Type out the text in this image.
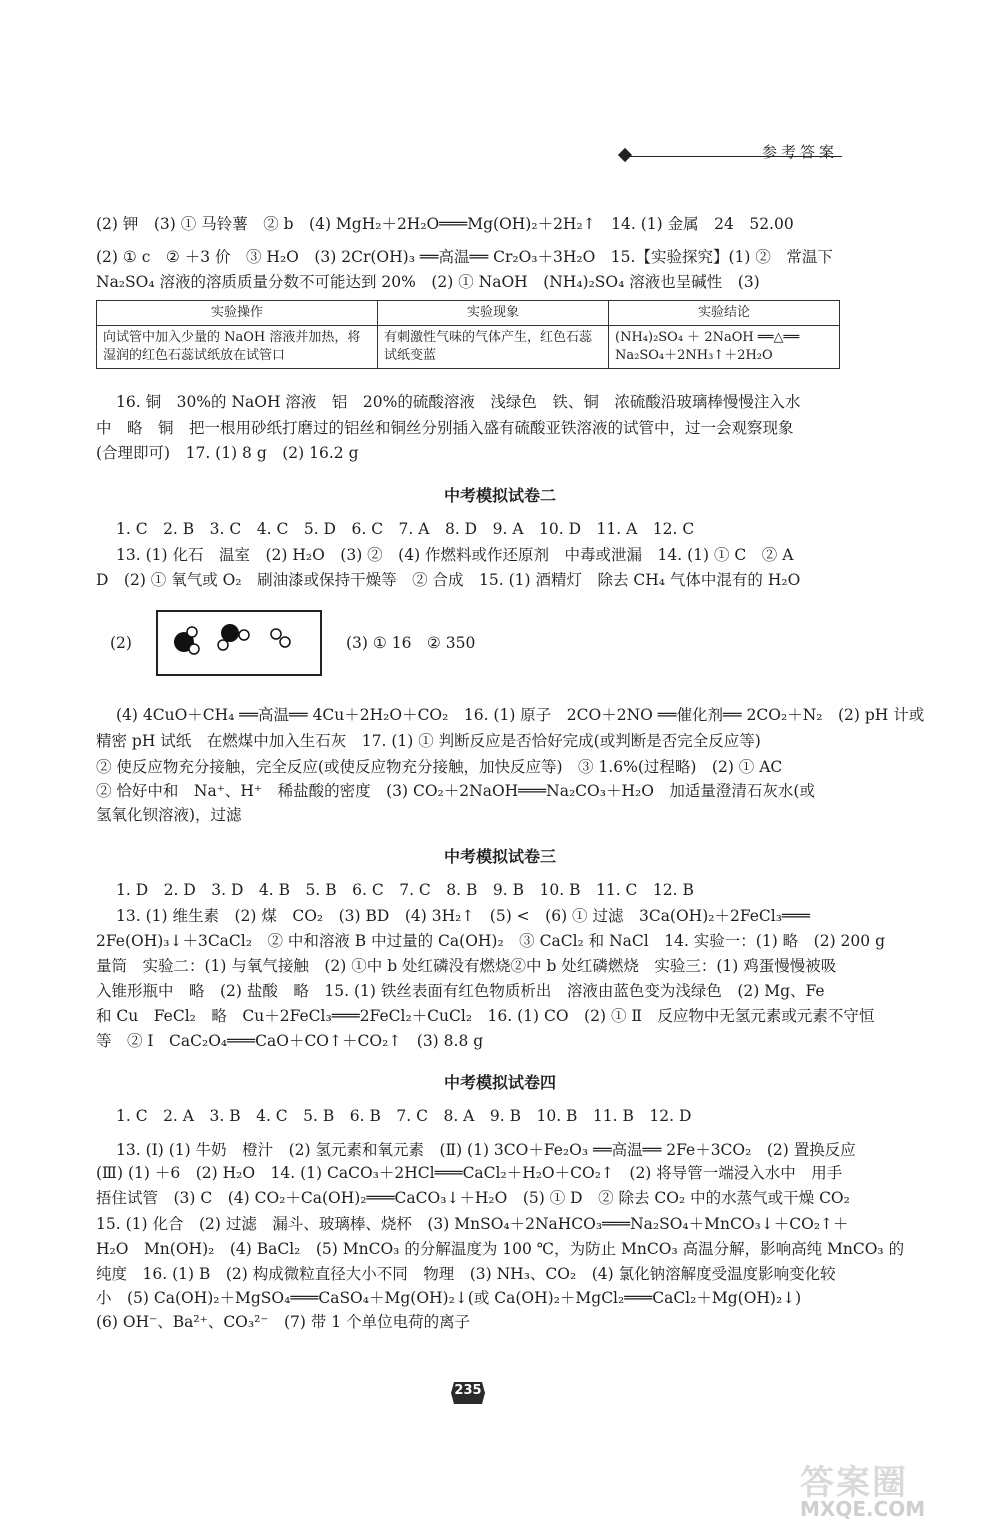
参考答案
(2) 钾　(3) ① 马铃薯　② b　(4) MgH₂＋2H₂O═══Mg(OH)₂＋2H₂↑　14. (1) 金属　24　52.00
(2) ① c　② ＋3 价　③ H₂O　(3) 2Cr(OH)₃ ══高温══ Cr₂O₃＋3H₂O　15.【实验探究】(1) ②　常温下
Na₂SO₄ 溶液的溶质质量分数不可能达到 20%　(2) ① NaOH　(NH₄)₂SO₄ 溶液也呈碱性　(3)
实验操作	实验现象	实验结论
向试管中加入少量的 NaOH 溶液并加热，将湿润的红色石蕊试纸放在试管口	有刺激性气味的气体产生，红色石蕊试纸变蓝	(NH₄)₂SO₄ ＋ 2NaOH ══△══ Na₂SO₄＋2NH₃↑＋2H₂O
16. 铜　30%的 NaOH 溶液　铝　20%的硫酸溶液　浅绿色　铁、铜　浓硫酸沿玻璃棒慢慢注入水
中　略　铜　把一根用砂纸打磨过的铝丝和铜丝分别插入盛有硫酸亚铁溶液的试管中，过一会观察现象
(合理即可)　17. (1) 8 g　(2) 16.2 g
中考模拟试卷二
1. C　2. B　3. C　4. C　5. D　6. C　7. A　8. D　9. A　10. D　11. A　12. C
13. (1) 化石　温室　(2) H₂O　(3) ②　(4) 作燃料或作还原剂　中毒或泄漏　14. (1) ① C　② A
D　(2) ① 氧气或 O₂　刷油漆或保持干燥等　② 合成　15. (1) 酒精灯　除去 CH₄ 气体中混有的 H₂O
(2)	(3) ① 16　② 350
(4) 4CuO＋CH₄ ══高温══ 4Cu＋2H₂O＋CO₂　16. (1) 原子　2CO＋2NO ══催化剂══ 2CO₂＋N₂　(2) pH 计或
精密 pH 试纸　在燃煤中加入生石灰　17. (1) ① 判断反应是否恰好完成(或判断是否完全反应等)
② 使反应物充分接触，完全反应(或使反应物充分接触，加快反应等)　③ 1.6%(过程略)　(2) ① AC
② 恰好中和　Na⁺、H⁺　稀盐酸的密度　(3) CO₂＋2NaOH═══Na₂CO₃＋H₂O　加适量澄清石灰水(或
氢氧化钡溶液)，过滤
中考模拟试卷三
1. D　2. D　3. D　4. B　5. B　6. C　7. C　8. B　9. B　10. B　11. C　12. B
13. (1) 维生素　(2) 煤　CO₂　(3) BD　(4) 3H₂↑　(5) <　(6) ① 过滤　3Ca(OH)₂＋2FeCl₃═══
2Fe(OH)₃↓＋3CaCl₂　② 中和溶液 B 中过量的 Ca(OH)₂　③ CaCl₂ 和 NaCl　14. 实验一：(1) 略　(2) 200 g
量筒　实验二：(1) 与氧气接触　(2) ①中 b 处红磷没有燃烧②中 b 处红磷燃烧　实验三：(1) 鸡蛋慢慢被吸
入锥形瓶中　略　(2) 盐酸　略　15. (1) 铁丝表面有红色物质析出　溶液由蓝色变为浅绿色　(2) Mg、Fe
和 Cu　FeCl₂　略　Cu＋2FeCl₃═══2FeCl₂＋CuCl₂　16. (1) CO　(2) ① Ⅱ　反应物中无氢元素或元素不守恒
等　② Ⅰ　CaC₂O₄═══CaO＋CO↑＋CO₂↑　(3) 8.8 g
中考模拟试卷四
1. C　2. A　3. B　4. C　5. B　6. B　7. C　8. A　9. B　10. B　11. B　12. D
13. (Ⅰ) (1) 牛奶　橙汁　(2) 氢元素和氧元素　(Ⅱ) (1) 3CO＋Fe₂O₃ ══高温══ 2Fe＋3CO₂　(2) 置换反应
(Ⅲ) (1) ＋6　(2) H₂O　14. (1) CaCO₃＋2HCl═══CaCl₂＋H₂O＋CO₂↑　(2) 将导管一端浸入水中　用手
捂住试管　(3) C　(4) CO₂＋Ca(OH)₂═══CaCO₃↓＋H₂O　(5) ① D　② 除去 CO₂ 中的水蒸气或干燥 CO₂
15. (1) 化合　(2) 过滤　漏斗、玻璃棒、烧杯　(3) MnSO₄＋2NaHCO₃═══Na₂SO₄＋MnCO₃↓＋CO₂↑＋
H₂O　Mn(OH)₂　(4) BaCl₂　(5) MnCO₃ 的分解温度为 100 ℃，为防止 MnCO₃ 高温分解，影响高纯 MnCO₃ 的
纯度　16. (1) B　(2) 构成微粒直径大小不同　物理　(3) NH₃、CO₂　(4) 氯化钠溶解度受温度影响变化较
小　(5) Ca(OH)₂＋MgSO₄═══CaSO₄＋Mg(OH)₂↓(或 Ca(OH)₂＋MgCl₂═══CaCl₂＋Mg(OH)₂↓)
(6) OH⁻、Ba²⁺、CO₃²⁻　(7) 带 1 个单位电荷的离子
235
答案圈
MXQE.COM
